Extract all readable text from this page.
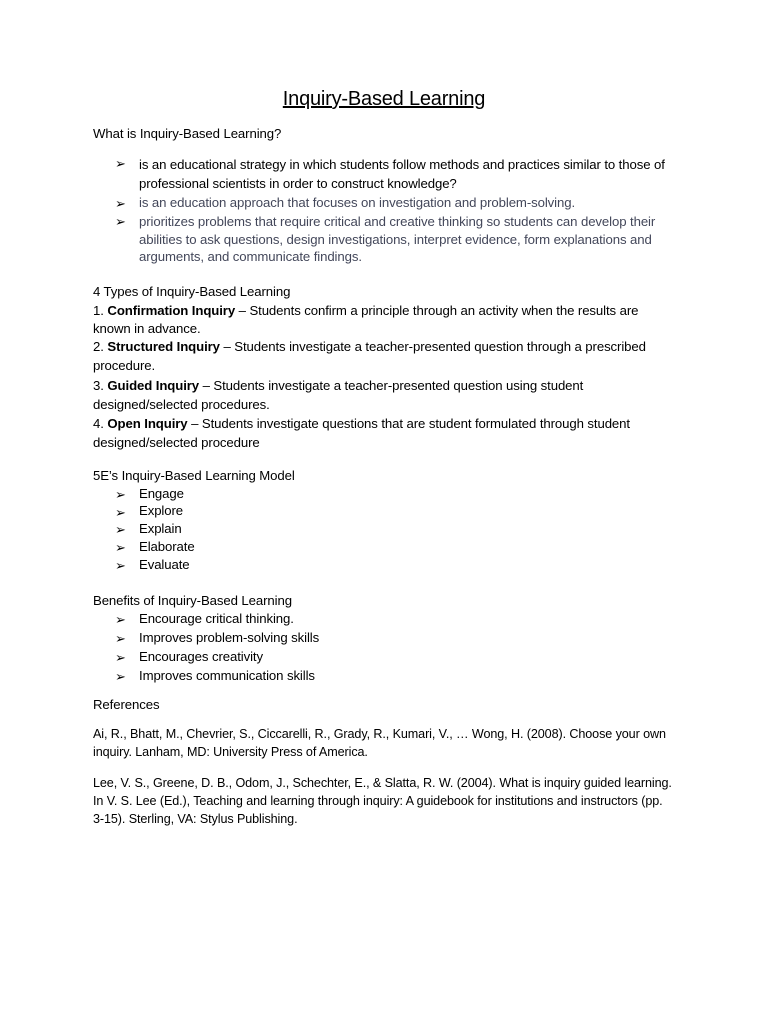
Inquiry-Based Learning
What is Inquiry-Based Learning?
➢ is an educational strategy in which students follow methods and practices similar to those of professional scientists in order to construct knowledge?
➢ is an education approach that focuses on investigation and problem-solving.
➢ prioritizes problems that require critical and creative thinking so students can develop their abilities to ask questions, design investigations, interpret evidence, form explanations and arguments, and communicate findings.
4 Types of Inquiry-Based Learning
1. Confirmation Inquiry – Students confirm a principle through an activity when the results are known in advance.
2. Structured Inquiry – Students investigate a teacher-presented question through a prescribed procedure.
3. Guided Inquiry – Students investigate a teacher-presented question using student designed/selected procedures.
4. Open Inquiry – Students investigate questions that are student formulated through student designed/selected procedure
5E’s Inquiry-Based Learning Model
➢ Engage
➢ Explore
➢ Explain
➢ Elaborate
➢ Evaluate
Benefits of Inquiry-Based Learning
➢ Encourage critical thinking.
➢ Improves problem-solving skills
➢ Encourages creativity
➢ Improves communication skills
References
Ai, R., Bhatt, M., Chevrier, S., Ciccarelli, R., Grady, R., Kumari, V., … Wong, H. (2008). Choose your own inquiry. Lanham, MD: University Press of America.
Lee, V. S., Greene, D. B., Odom, J., Schechter, E., & Slatta, R. W. (2004). What is inquiry guided learning. In V. S. Lee (Ed.), Teaching and learning through inquiry: A guidebook for institutions and instructors (pp. 3-15). Sterling, VA: Stylus Publishing.
